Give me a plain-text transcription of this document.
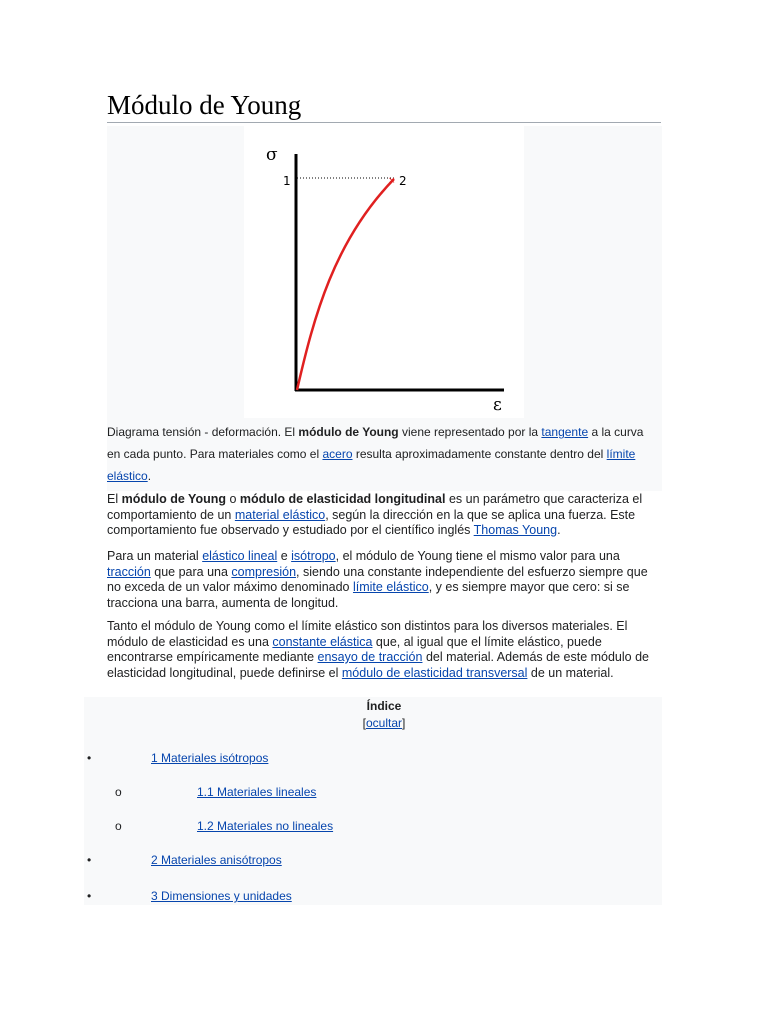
Módulo de Young
σ
ε
1	2
×
Diagrama tensión - deformación. El módulo de Young viene representado por la tangente a la curva en cada punto. Para materiales como el acero resulta aproximadamente constante dentro del límite elástico.

El módulo de Young o módulo de elasticidad longitudinal es un parámetro que caracteriza el comportamiento de un material elástico, según la dirección en la que se aplica una fuerza. Este comportamiento fue observado y estudiado por el científico inglés Thomas Young.

Para un material elástico lineal e isótropo, el módulo de Young tiene el mismo valor para una tracción que para una compresión, siendo una constante independiente del esfuerzo siempre que no exceda de un valor máximo denominado límite elástico, y es siempre mayor que cero: si se tracciona una barra, aumenta de longitud.

Tanto el módulo de Young como el límite elástico son distintos para los diversos materiales. El módulo de elasticidad es una constante elástica que, al igual que el límite elástico, puede encontrarse empíricamente mediante ensayo de tracción del material. Además de este módulo de elasticidad longitudinal, puede definirse el módulo de elasticidad transversal de un material.

Índice
[ocultar]
•	1 Materiales isótropos
o	1.1 Materiales lineales
o	1.2 Materiales no lineales
•	2 Materiales anisótropos
•	3 Dimensiones y unidades
